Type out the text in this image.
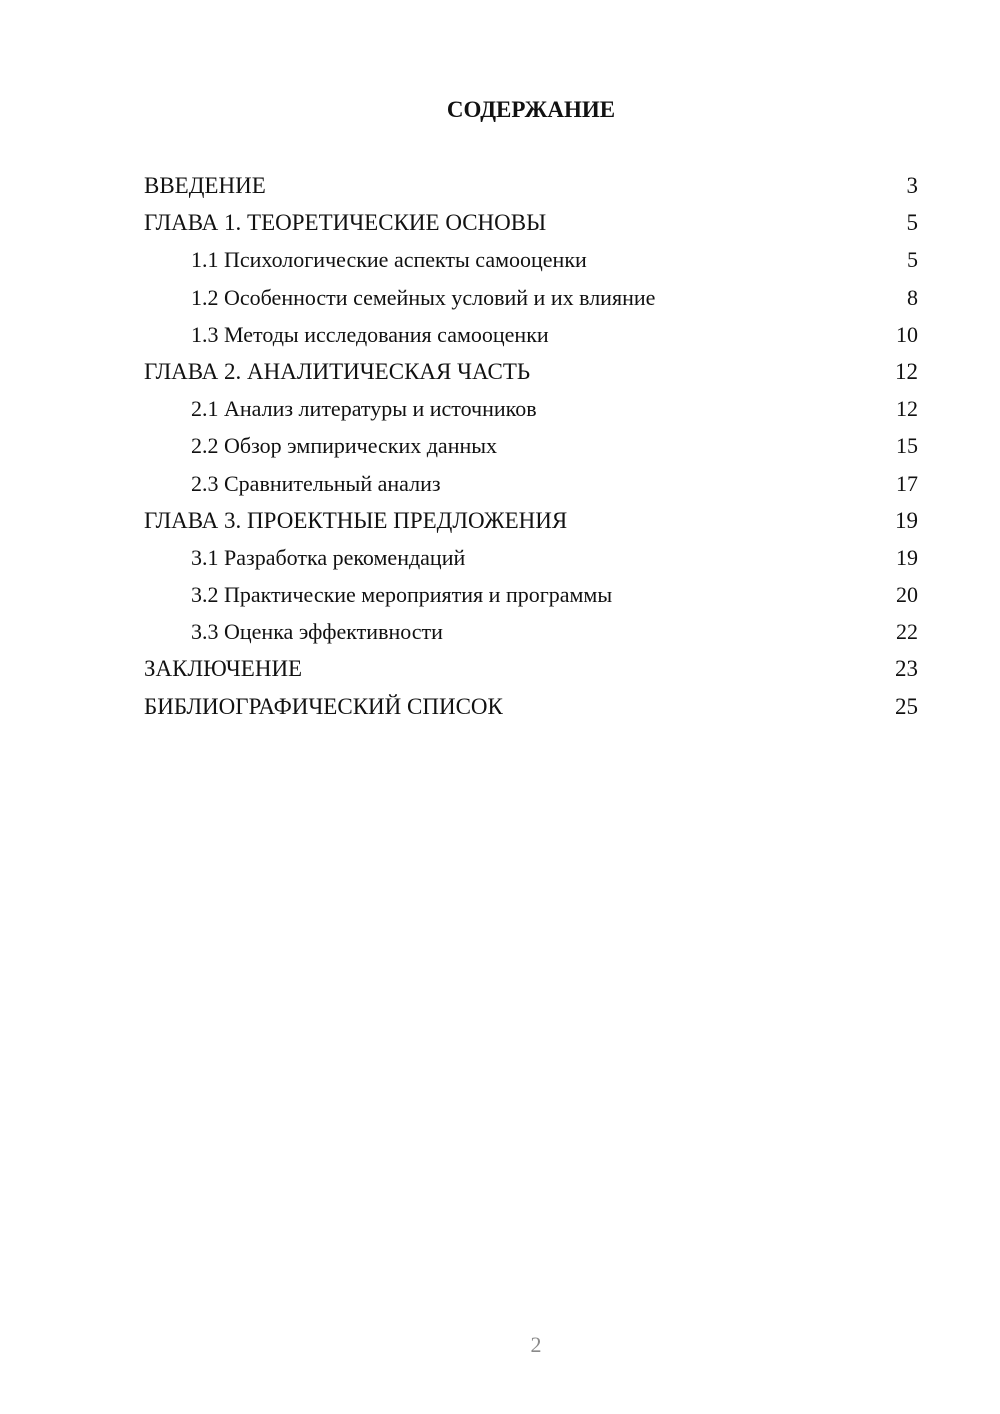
СОДЕРЖАНИЕ
ВВЕДЕНИЕ	3
ГЛАВА 1. ТЕОРЕТИЧЕСКИЕ ОСНОВЫ	5
1.1 Психологические аспекты самооценки	5
1.2 Особенности семейных условий и их влияние	8
1.3 Методы исследования самооценки	10
ГЛАВА 2. АНАЛИТИЧЕСКАЯ ЧАСТЬ	12
2.1 Анализ литературы и источников	12
2.2 Обзор эмпирических данных	15
2.3 Сравнительный анализ	17
ГЛАВА 3. ПРОЕКТНЫЕ ПРЕДЛОЖЕНИЯ	19
3.1 Разработка рекомендаций	19
3.2 Практические мероприятия и программы	20
3.3 Оценка эффективности	22
ЗАКЛЮЧЕНИЕ	23
БИБЛИОГРАФИЧЕСКИЙ СПИСОК	25
2
